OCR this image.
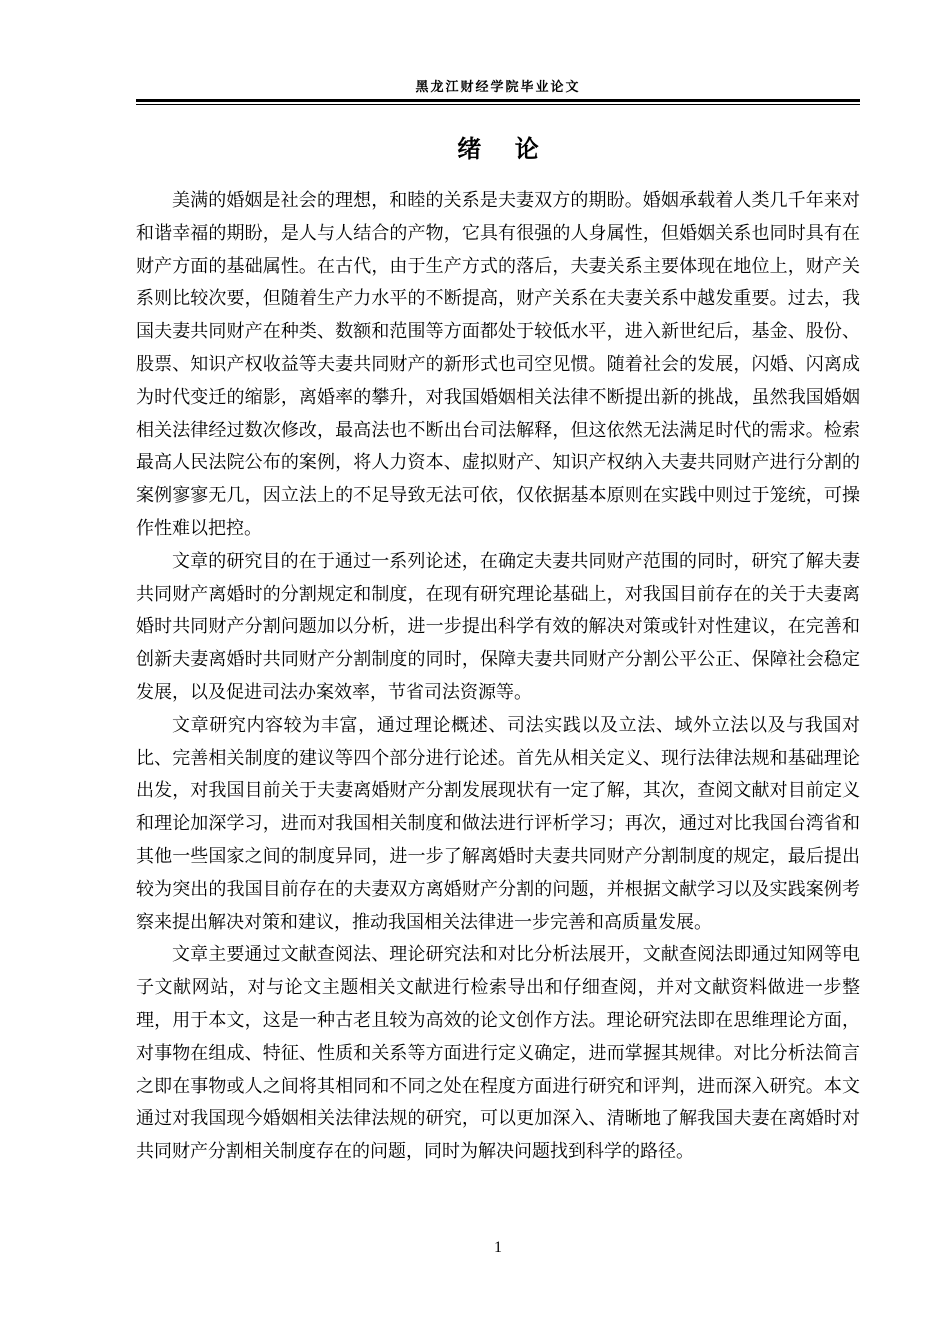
黑龙江财经学院毕业论文
绪    论

美满的婚姻是社会的理想，和睦的关系是夫妻双方的期盼。婚姻承载着人类几千年来对和谐幸福的期盼，是人与人结合的产物，它具有很强的人身属性，但婚姻关系也同时具有在财产方面的基础属性。在古代，由于生产方式的落后，夫妻关系主要体现在地位上，财产关系则比较次要，但随着生产力水平的不断提高，财产关系在夫妻关系中越发重要。过去，我国夫妻共同财产在种类、数额和范围等方面都处于较低水平，进入新世纪后，基金、股份、股票、知识产权收益等夫妻共同财产的新形式也司空见惯。随着社会的发展，闪婚、闪离成为时代变迁的缩影，离婚率的攀升，对我国婚姻相关法律不断提出新的挑战，虽然我国婚姻相关法律经过数次修改，最高法也不断出台司法解释，但这依然无法满足时代的需求。检索最高人民法院公布的案例，将人力资本、虚拟财产、知识产权纳入夫妻共同财产进行分割的案例寥寥无几，因立法上的不足导致无法可依，仅依据基本原则在实践中则过于笼统，可操作性难以把控。

文章的研究目的在于通过一系列论述，在确定夫妻共同财产范围的同时，研究了解夫妻共同财产离婚时的分割规定和制度，在现有研究理论基础上，对我国目前存在的关于夫妻离婚时共同财产分割问题加以分析，进一步提出科学有效的解决对策或针对性建议，在完善和创新夫妻离婚时共同财产分割制度的同时，保障夫妻共同财产分割公平公正、保障社会稳定发展，以及促进司法办案效率，节省司法资源等。

文章研究内容较为丰富，通过理论概述、司法实践以及立法、域外立法以及与我国对比、完善相关制度的建议等四个部分进行论述。首先从相关定义、现行法律法规和基础理论出发，对我国目前关于夫妻离婚财产分割发展现状有一定了解，其次，查阅文献对目前定义和理论加深学习，进而对我国相关制度和做法进行评析学习；再次，通过对比我国台湾省和其他一些国家之间的制度异同，进一步了解离婚时夫妻共同财产分割制度的规定，最后提出较为突出的我国目前存在的夫妻双方离婚财产分割的问题，并根据文献学习以及实践案例考察来提出解决对策和建议，推动我国相关法律进一步完善和高质量发展。

文章主要通过文献查阅法、理论研究法和对比分析法展开，文献查阅法即通过知网等电子文献网站，对与论文主题相关文献进行检索导出和仔细查阅，并对文献资料做进一步整理，用于本文，这是一种古老且较为高效的论文创作方法。理论研究法即在思维理论方面，对事物在组成、特征、性质和关系等方面进行定义确定，进而掌握其规律。对比分析法简言之即在事物或人之间将其相同和不同之处在程度方面进行研究和评判，进而深入研究。本文通过对我国现今婚姻相关法律法规的研究，可以更加深入、清晰地了解我国夫妻在离婚时对共同财产分割相关制度存在的问题，同时为解决问题找到科学的路径。

1
